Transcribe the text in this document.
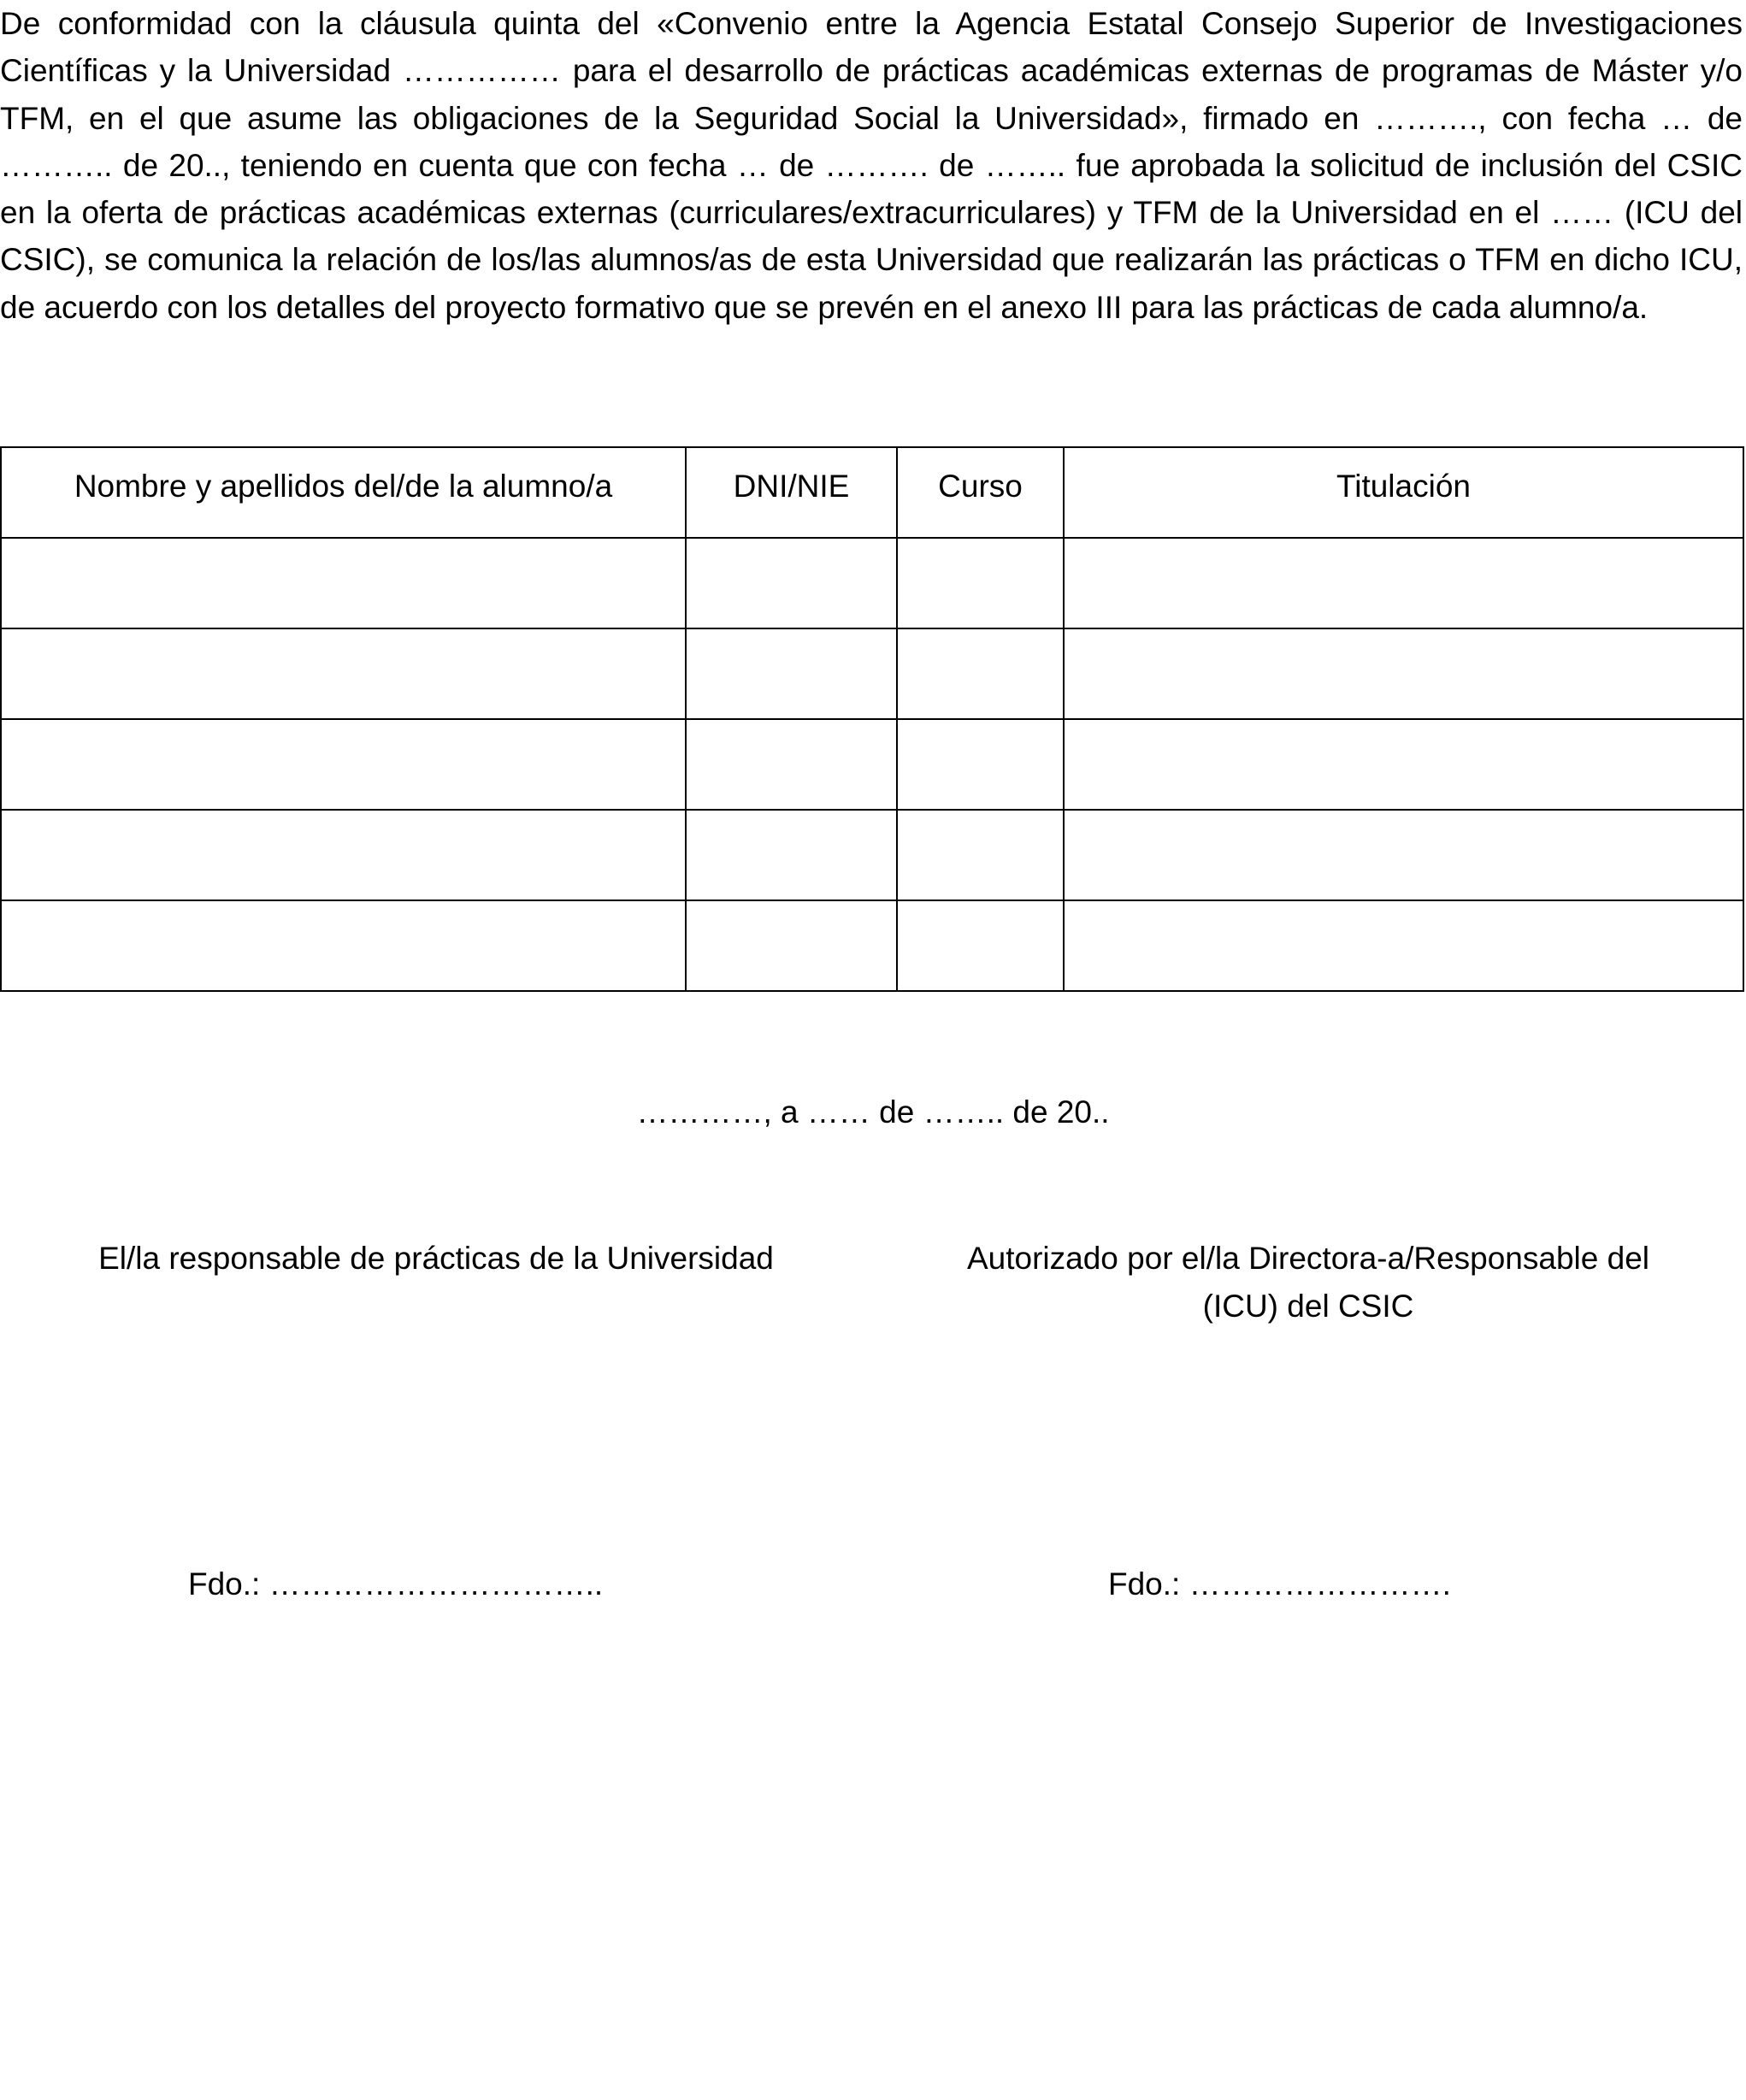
De conformidad con la cláusula quinta del «Convenio entre la Agencia Estatal Consejo Superior de Investigaciones Científicas y la Universidad …………… para el desarrollo de prácticas académicas externas de programas de Máster y/o TFM, en el que asume las obligaciones de la Seguridad Social la Universidad», firmado en ………., con fecha … de ……….. de 20.., teniendo en cuenta que con fecha … de ………. de …….. fue aprobada la solicitud de inclusión del CSIC en la oferta de prácticas académicas externas (curriculares/extracurriculares) y TFM de la Universidad en el …… (ICU del CSIC), se comunica la relación de los/las alumnos/as de esta Universidad que realizarán las prácticas o TFM en dicho ICU, de acuerdo con los detalles del proyecto formativo que se prevén en el anexo III para las prácticas de cada alumno/a.

Nombre y apellidos del/de la alumno/a	DNI/NIE	Curso	Titulación

…………, a …… de …….. de 20..
El/la responsable de prácticas de la Universidad	Autorizado por el/la Directora-a/Responsable del
(ICU) del CSIC
Fdo.: …………………………..	Fdo.: …………………….
